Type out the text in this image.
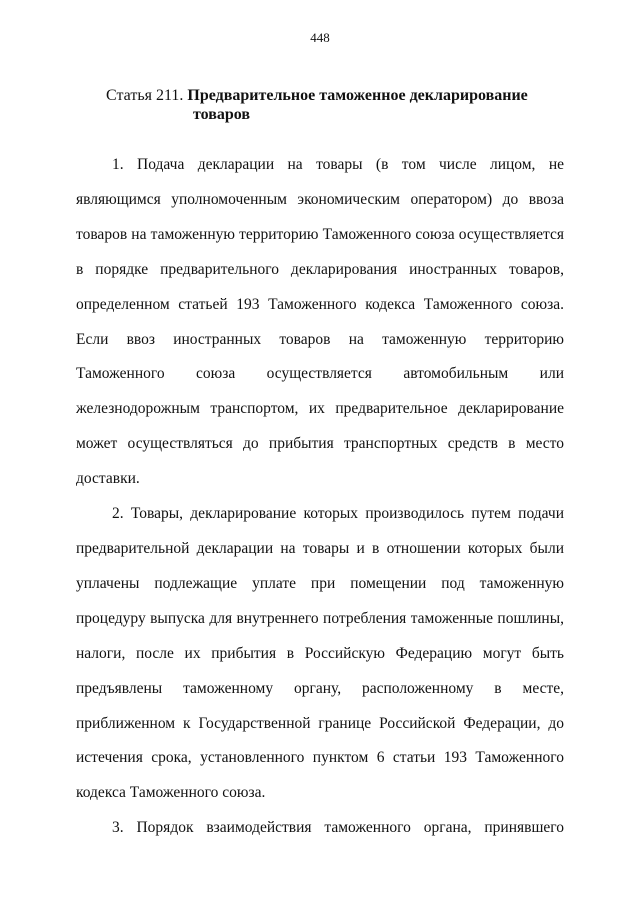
448
Статья 211. Предварительное таможенное декларирование
товаров

1. Подача декларации на товары (в том числе лицом, не являющимся уполномоченным экономическим оператором) до ввоза товаров на таможенную территорию Таможенного союза осуществляется в порядке предварительного декларирования иностранных товаров, определенном статьей 193 Таможенного кодекса Таможенного союза. Если ввоз иностранных товаров на таможенную территорию Таможенного союза осуществляется автомобильным или железнодорожным транспортом, их предварительное декларирование может осуществляться до прибытия транспортных средств в место доставки.

2. Товары, декларирование которых производилось путем подачи предварительной декларации на товары и в отношении которых были уплачены подлежащие уплате при помещении под таможенную процедуру выпуска для внутреннего потребления таможенные пошлины, налоги, после их прибытия в Российскую Федерацию могут быть предъявлены таможенному органу, расположенному в месте, приближенном к Государственной границе Российской Федерации, до истечения срока, установленного пунктом 6 статьи 193 Таможенного кодекса Таможенного союза.

3. Порядок взаимодействия таможенного органа, принявшего
